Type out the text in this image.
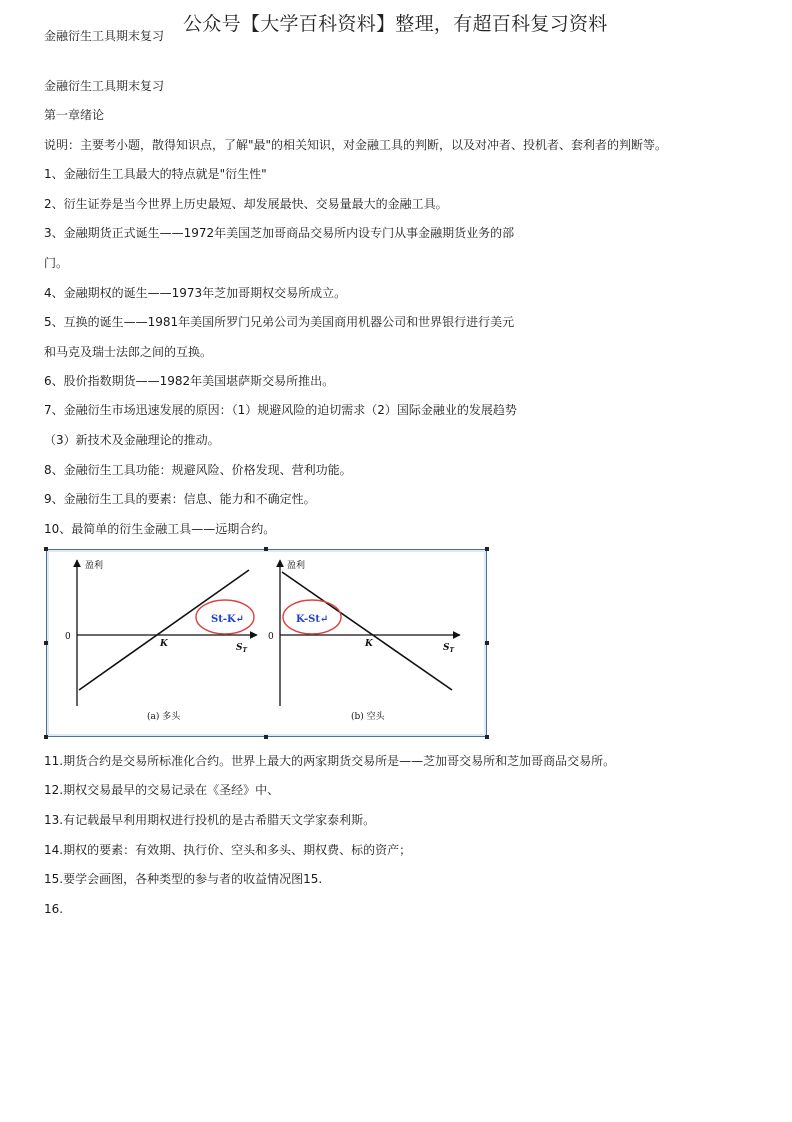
金融衍生工具期末复习
公众号【大学百科资料】整理，有超百科复习资料
金融衍生工具期末复习
第一章绪论
说明：主要考小题，散得知识点，了解"最"的相关知识，对金融工具的判断，以及对冲者、投机者、套利者的判断等。
1、金融衍生工具最大的特点就是"衍生性"
2、衍生证券是当今世界上历史最短、却发展最快、交易量最大的金融工具。
3、金融期货正式诞生——1972年美国芝加哥商品交易所内设专门从事金融期货业务的部
门。
4、金融期权的诞生——1973年芝加哥期权交易所成立。
5、互换的诞生——1981年美国所罗门兄弟公司为美国商用机器公司和世界银行进行美元
和马克及瑞士法郎之间的互换。
6、股价指数期货——1982年美国堪萨斯交易所推出。
7、金融衍生市场迅速发展的原因：（1）规避风险的迫切需求（2）国际金融业的发展趋势
（3）新技术及金融理论的推动。
8、金融衍生工具功能：规避风险、价格发现、营利功能。
9、金融衍生工具的要素：信息、能力和不确定性。
10、最简单的衍生金融工具——远期合约。
St-K↵
盈利
0
K	$S_T$
(a) 多头
K-St↵
盈利
0
K	$S_T$
(b) 空头
11.期货合约是交易所标准化合约。世界上最大的两家期货交易所是——芝加哥交易所和芝加哥商品交易所。
12.期权交易最早的交易记录在《圣经》中、
13.有记载最早利用期权进行投机的是古希腊天文学家泰利斯。
14.期权的要素：有效期、执行价、空头和多头、期权费、标的资产；
15.要学会画图，各种类型的参与者的收益情况图15.
16.
